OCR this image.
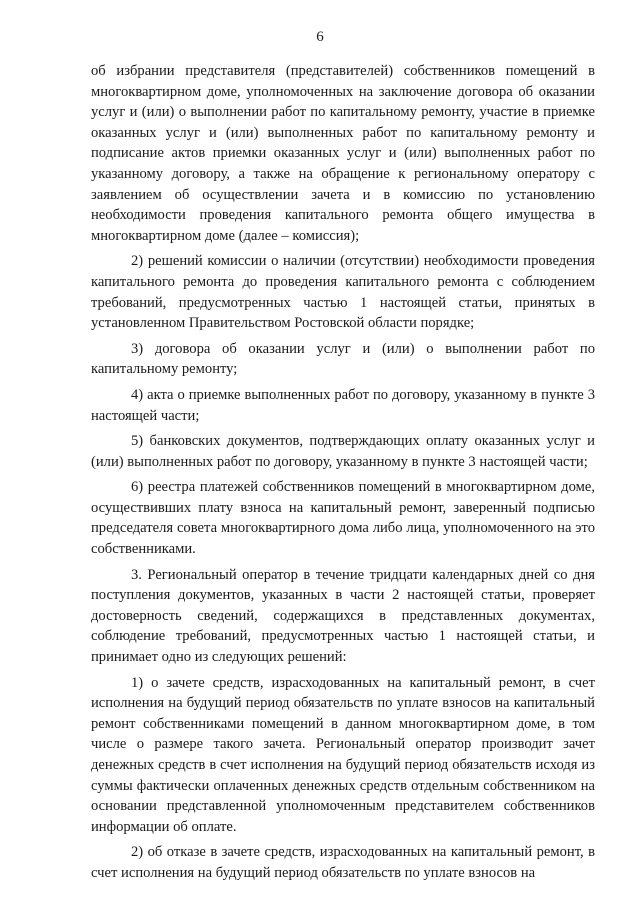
6

об избрании представителя (представителей) собственников помещений в многоквартирном доме, уполномоченных на заключение договора об оказании услуг и (или) о выполнении работ по капитальному ремонту, участие в приемке оказанных услуг и (или) выполненных работ по капитальному ремонту и подписание актов приемки оказанных услуг и (или) выполненных работ по указанному договору, а также на обращение к региональному оператору с заявлением об осуществлении зачета и в комиссию по установлению необходимости проведения капитального ремонта общего имущества в многоквартирном доме (далее – комиссия);

2) решений комиссии о наличии (отсутствии) необходимости проведения капитального ремонта до проведения капитального ремонта с соблюдением требований, предусмотренных частью 1 настоящей статьи, принятых в установленном Правительством Ростовской области порядке;

3) договора об оказании услуг и (или) о выполнении работ по капитальному ремонту;

4) акта о приемке выполненных работ по договору, указанному в пункте 3 настоящей части;

5) банковских документов, подтверждающих оплату оказанных услуг и (или) выполненных работ по договору, указанному в пункте 3 настоящей части;

6) реестра платежей собственников помещений в многоквартирном доме, осуществивших плату взноса на капитальный ремонт, заверенный подписью председателя совета многоквартирного дома либо лица, уполномоченного на это собственниками.

3. Региональный оператор в течение тридцати календарных дней со дня поступления документов, указанных в части 2 настоящей статьи, проверяет достоверность сведений, содержащихся в представленных документах, соблюдение требований, предусмотренных частью 1 настоящей статьи, и принимает одно из следующих решений:

1) о зачете средств, израсходованных на капитальный ремонт, в счет исполнения на будущий период обязательств по уплате взносов на капитальный ремонт собственниками помещений в данном многоквартирном доме, в том числе о размере такого зачета. Региональный оператор производит зачет денежных средств в счет исполнения на будущий период обязательств исходя из суммы фактически оплаченных денежных средств отдельным собственником на основании представленной уполномоченным представителем собственников информации об оплате.

2) об отказе в зачете средств, израсходованных на капитальный ремонт, в счет исполнения на будущий период обязательств по уплате взносов на
